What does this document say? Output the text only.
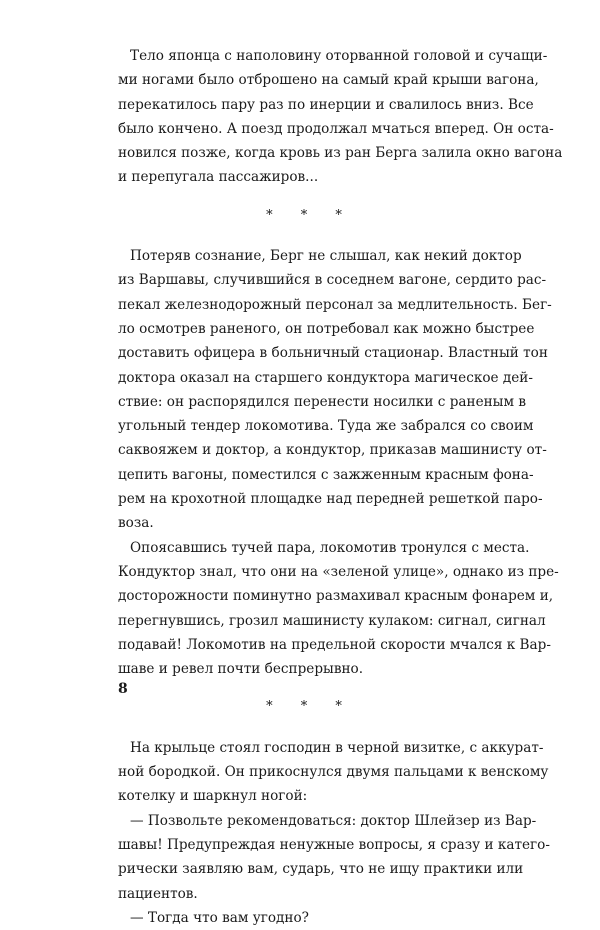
Тело японца с наполовину оторванной головой и сучащи-
ми ногами было отброшено на самый край крыши вагона,
перекатилось пару раз по инерции и свалилось вниз. Все
было кончено. А поезд продолжал мчаться вперед. Он оста-
новился позже, когда кровь из ран Берга залила окно вагона
и перепугала пассажиров...
* * *
Потеряв сознание, Берг не слышал, как некий доктор
из Варшавы, случившийся в соседнем вагоне, сердито рас-
пекал железнодорожный персонал за медлительность. Бег-
ло осмотрев раненого, он потребовал как можно быстрее
доставить офицера в больничный стационар. Властный тон
доктора оказал на старшего кондуктора магическое дей-
ствие: он распорядился перенести носилки с раненым в
угольный тендер локомотива. Туда же забрался со своим
саквояжем и доктор, а кондуктор, приказав машинисту от-
цепить вагоны, поместился с зажженным красным фона-
рем на крохотной площадке над передней решеткой паро-
воза.
Опоясавшись тучей пара, локомотив тронулся с места.
Кондуктор знал, что они на «зеленой улице», однако из пре-
досторожности поминутно размахивал красным фонарем и,
перегнувшись, грозил машинисту кулаком: сигнал, сигнал
подавай! Локомотив на предельной скорости мчался к Вар-
шаве и ревел почти беспрерывно.
* * *
На крыльце стоял господин в черной визитке, с аккурат-
ной бородкой. Он прикоснулся двумя пальцами к венскому
котелку и шаркнул ногой:
— Позвольте рекомендоваться: доктор Шлейзер из Вар-
шавы! Предупреждая ненужные вопросы, я сразу и катего-
рически заявляю вам, сударь, что не ищу практики или
пациентов.
— Тогда что вам угодно?
8
